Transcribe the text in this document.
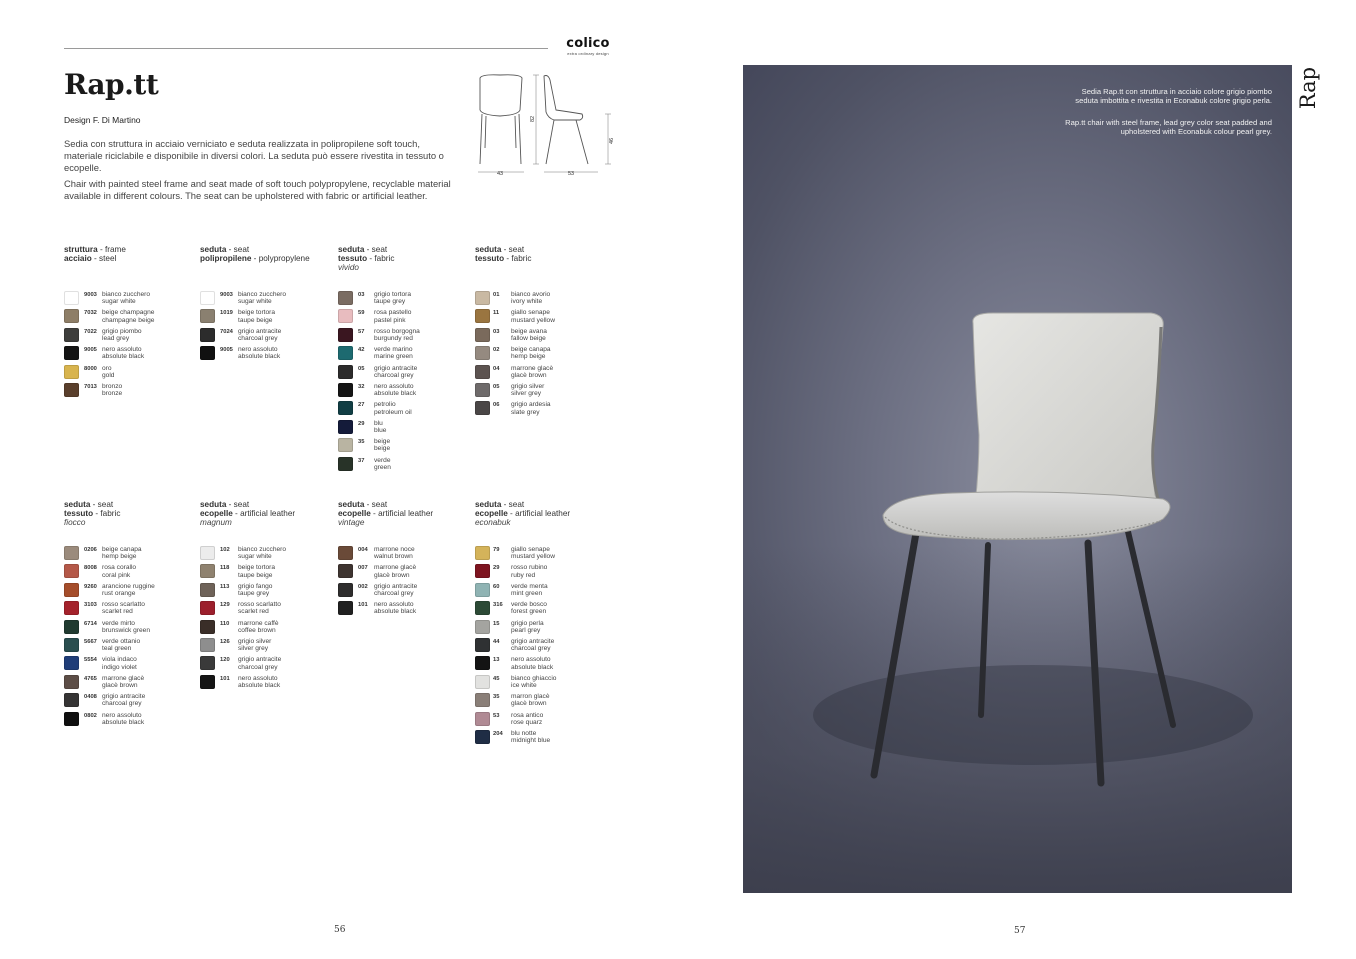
colico
extra ordinary design
Rap.tt
Design F. Di Martino

Sedia con struttura in acciaio verniciato e seduta realizzata in polipropilene soft touch, materiale riciclabile e disponibile in diversi colori. La seduta può essere rivestita in tessuto o ecopelle.

Chair with painted steel frame and seat made of soft touch polypropylene, recyclable material available in different colours. The seat can be upholstered with fabric or artificial leather.

82
46
43	53
struttura - frame
acciaio - steel
9003 bianco zucchero
sugar white
7032 beige champagne
champagne beige
7022 grigio piombo
lead grey
9005 nero assoluto
absolute black
8000 oro
gold
7013 bronzo
bronze
seduta - seat
polipropilene - polypropylene
9003 bianco zucchero
sugar white
1019 beige tortora
taupe beige
7024 grigio antracite
charcoal grey
9005 nero assoluto
absolute black
seduta - seat
tessuto - fabric
vivido
03 grigio tortora
taupe grey
59 rosa pastello
pastel pink
57 rosso borgogna
burgundy red
42 verde marino
marine green
05 grigio antracite
charcoal grey
32 nero assoluto
absolute black
27 petrolio
petroleum oil
29 blu
blue
35 beige
beige
37 verde
green
seduta - seat
tessuto - fabric
01 bianco avorio
ivory white
11 giallo senape
mustard yellow
03 beige avana
fallow beige
02 beige canapa
hemp beige
04 marrone glacè
glacè brown
05 grigio silver
silver grey
06 grigio ardesia
slate grey
seduta - seat
tessuto - fabric
fiocco
0206 beige canapa
hemp beige
8008 rosa corallo
coral pink
9260 arancione ruggine
rust orange
3103 rosso scarlatto
scarlet red
6714 verde mirto
brunswick green
5667 verde ottanio
teal green
5554 viola indaco
indigo violet
4765 marrone glacè
glacè brown
0408 grigio antracite
charcoal grey
0802 nero assoluto
absolute black
seduta - seat
ecopelle - artificial leather
magnum
102 bianco zucchero
sugar white
118 beige tortora
taupe beige
113 grigio fango
taupe grey
129 rosso scarlatto
scarlet red
110 marrone caffè
coffee brown
126 grigio silver
silver grey
120 grigio antracite
charcoal grey
101 nero assoluto
absolute black
seduta - seat
ecopelle - artificial leather
vintage
004 marrone noce
walnut brown
007 marrone glacè
glacè brown
002 grigio antracite
charcoal grey
101 nero assoluto
absolute black
seduta - seat
ecopelle - artificial leather
econabuk
79 giallo senape
mustard yellow
29 rosso rubino
ruby red
60 verde menta
mint green
316 verde bosco
forest green
15 grigio perla
pearl grey
44 grigio antracite
charcoal grey
13 nero assoluto
absolute black
45 bianco ghiaccio
ice white
35 marron glacè
glacè brown
53 rosa antico
rose quarz
204 blu notte
midnight blue
56
Sedia Rap.tt con struttura in acciaio colore grigio piombo seduta imbottita e rivestita in Econabuk colore grigio perla.
Rap.tt chair with steel frame, lead grey color seat padded and upholstered with Econabuk colour pearl grey.
Rap
57
